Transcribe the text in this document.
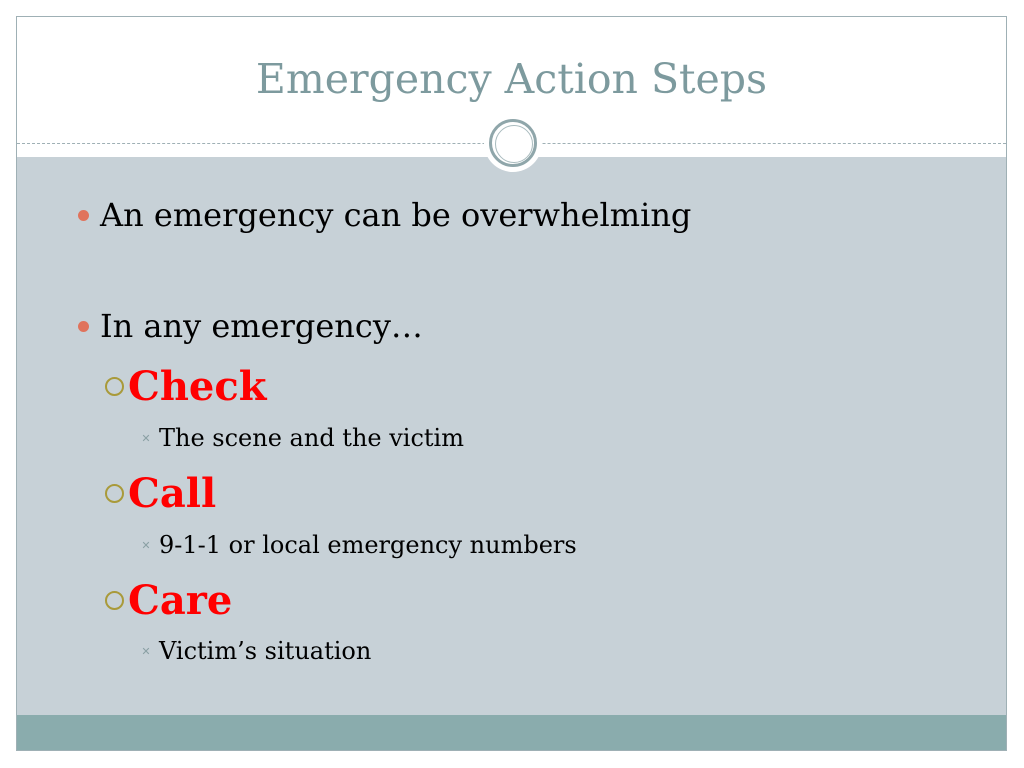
Emergency Action Steps
An emergency can be overwhelming
In any emergency…
Check
✕ The scene and the victim
Call
✕ 9-1-1 or local emergency numbers
Care
✕ Victim’s situation
